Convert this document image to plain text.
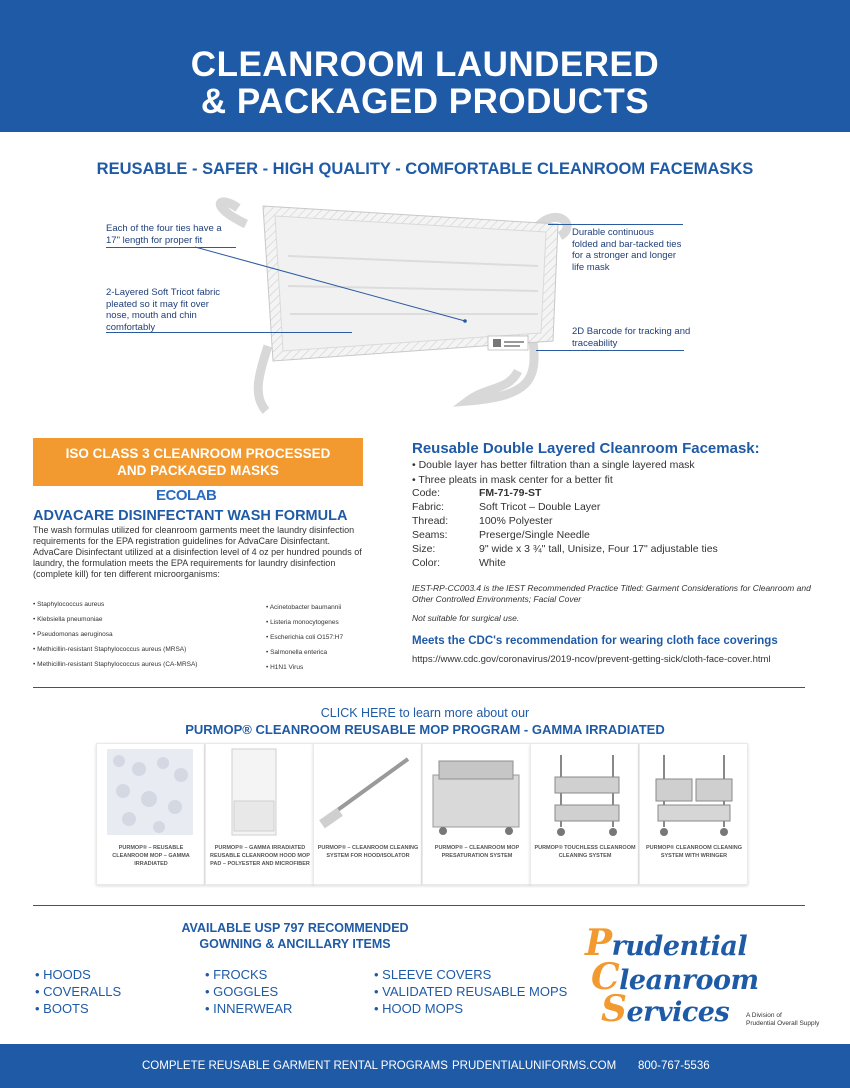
CLEANROOM LAUNDERED
& PACKAGED PRODUCTS
REUSABLE - SAFER - HIGH QUALITY - COMFORTABLE CLEANROOM FACEMASKS
Each of the four ties have a 17" length for proper fit
2-Layered Soft Tricot fabric pleated so it may fit over nose, mouth and chin comfortably
Durable continuous folded and bar-tacked ties for a stronger and longer life mask
2D Barcode for tracking and traceability
ISO CLASS 3 CLEANROOM PROCESSED
AND PACKAGED MASKS
ECOLAB
ADVACARE DISINFECTANT WASH FORMULA
The wash formulas utilized for cleanroom garments meet the laundry disinfection requirements for the EPA registration guidelines for AdvaCare Disinfectant. AdvaCare Disinfectant utilized at a disinfection level of 4 oz per hundred pounds of laundry, the formulation meets the EPA requirements for laundry disinfection (complete kill) for ten different microorganisms:
• Staphylococcus aureus
• Klebsiella pneumoniae
• Pseudomonas aeruginosa
• Methicillin-resistant Staphylococcus aureus (MRSA)
• Methicillin-resistant Staphylococcus aureus (CA-MRSA)
• Acinetobacter baumannii
• Listeria monocytogenes
• Escherichia coli O157:H7
• Salmonella enterica
• H1N1 Virus
Reusable Double Layered Cleanroom Facemask:
• Double layer has better filtration than a single layered mask
• Three pleats in mask center for a better fit
Code:	FM-71-79-ST
Fabric:	Soft Tricot – Double Layer
Thread:	100% Polyester
Seams:	Preserge/Single Needle
Size:	9" wide x 3 ¾" tall, Unisize, Four 17" adjustable ties
Color:	White
IEST-RP-CC003.4 is the IEST Recommended Practice Titled: Garment Considerations for Cleanroom and Other Controlled Environments; Facial Cover
Not suitable for surgical use.
Meets the CDC's recommendation for wearing cloth face coverings
https://www.cdc.gov/coronavirus/2019-ncov/prevent-getting-sick/cloth-face-cover.html
CLICK HERE to learn more about our
PURMOP® CLEANROOM REUSABLE MOP PROGRAM - GAMMA IRRADIATED
PURMOP® – REUSABLE CLEANROOM MOP – GAMMA IRRADIATED
PURMOP® – GAMMA IRRADIATED REUSABLE CLEANROOM HOOD MOP PAD – POLYESTER AND MICROFIBER
PURMOP® – CLEANROOM CLEANING SYSTEM FOR HOOD/ISOLATOR
PURMOP® – CLEANROOM MOP PRESATURATION SYSTEM
PURMOP® TOUCHLESS CLEANROOM CLEANING SYSTEM
PURMOP® CLEANROOM CLEANING SYSTEM WITH WRINGER
AVAILABLE USP 797 RECOMMENDED
GOWNING & ANCILLARY ITEMS
• HOODS
• COVERALLS
• BOOTS
• FROCKS
• GOGGLES
• INNERWEAR
• SLEEVE COVERS
• VALIDATED REUSABLE MOPS
• HOOD MOPS
Prudential
Cleanroom
Services	A Division of
Prudential Overall Supply
COMPLETE REUSABLE GARMENT RENTAL PROGRAMS PRUDENTIALUNIFORMS.COM 800-767-5536
